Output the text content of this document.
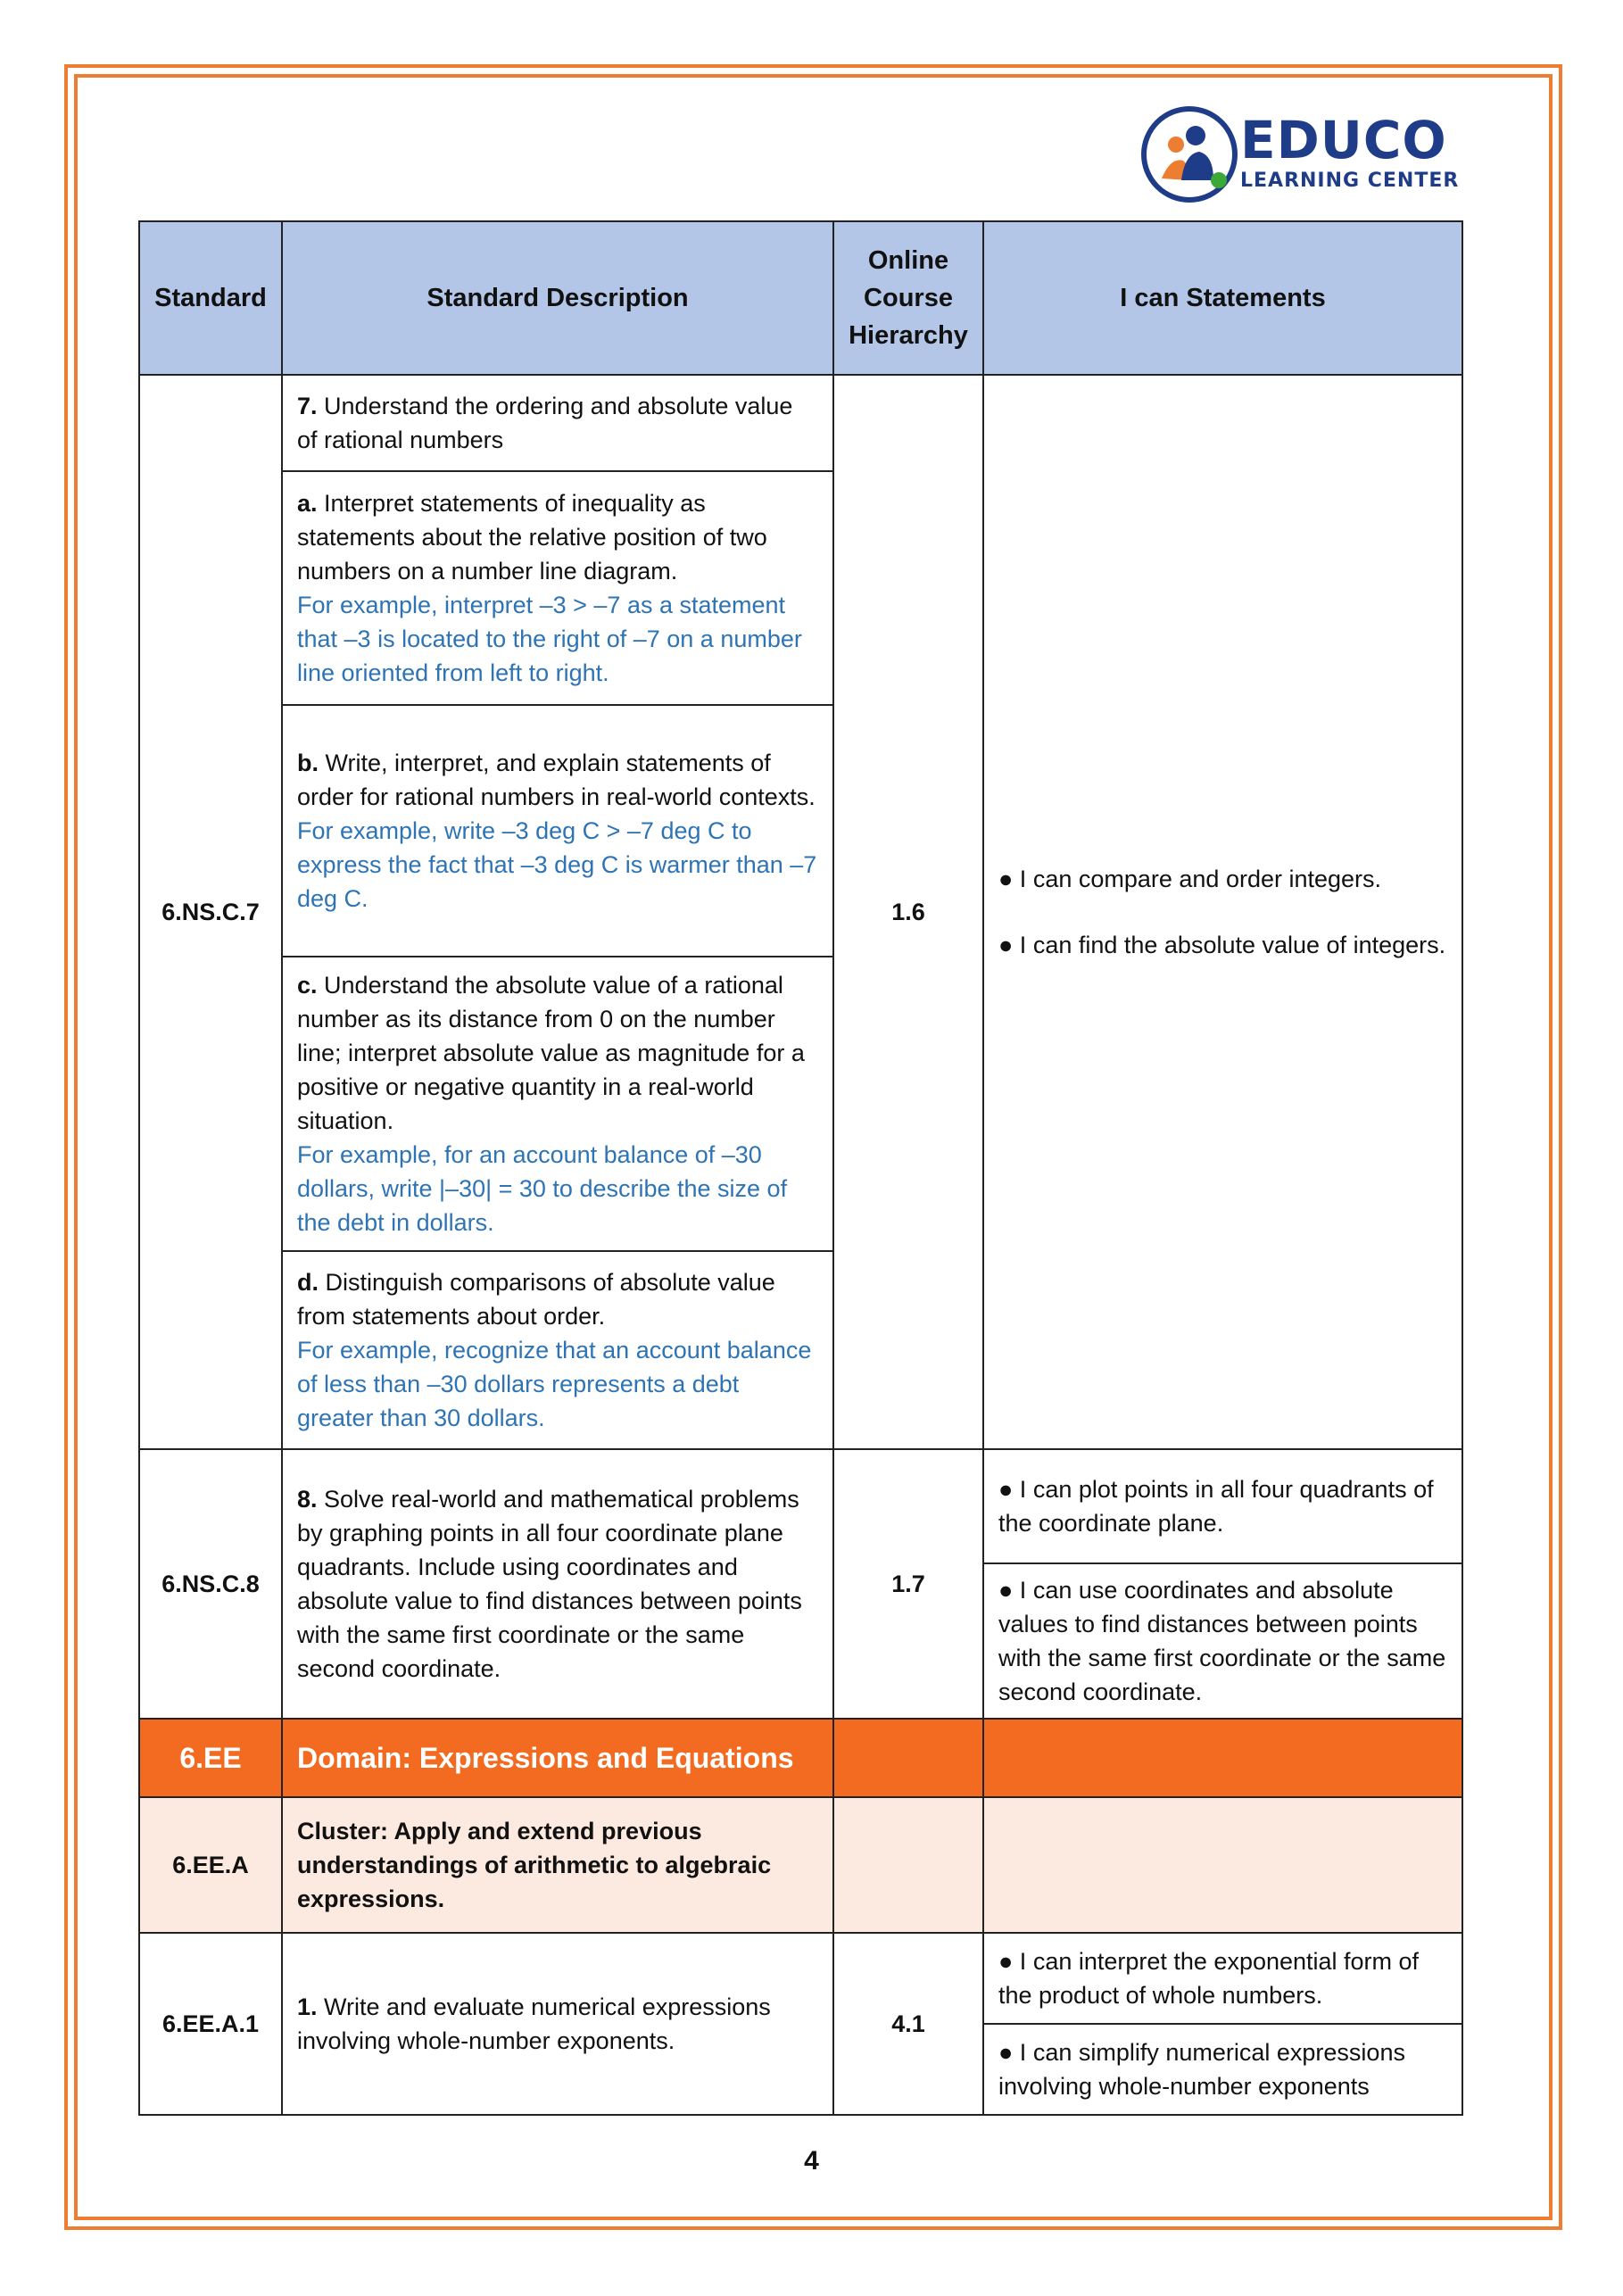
EDUCO
LEARNING CENTER
Standard	Standard Description	Online Course Hierarchy	I can Statements
6.NS.C.7	7. Understand the ordering and absolute value of rational numbers	1.6	● I can compare and order integers.
● I can find the absolute value of integers.

	a. Interpret statements of inequality as statements about the relative position of two numbers on a number line diagram.
For example, interpret –3 > –7 as a statement that –3 is located to the right of –7 on a number line oriented from left to right.		

	b. Write, interpret, and explain statements of order for rational numbers in real-world contexts.
For example, write –3 deg C > –7 deg C to express the fact that –3 deg C is warmer than –7 deg C.		

	c. Understand the absolute value of a rational number as its distance from 0 on the number line; interpret absolute value as magnitude for a positive or negative quantity in a real-world situation.
For example, for an account balance of –30 dollars, write |–30| = 30 to describe the size of the debt in dollars.		

	d. Distinguish comparisons of absolute value from statements about order.
For example, recognize that an account balance of less than –30 dollars represents a debt greater than 30 dollars.		

6.NS.C.8	8. Solve real-world and mathematical problems by graphing points in all four coordinate plane quadrants. Include using coordinates and absolute value to find distances between points with the same first coordinate or the same second coordinate.	1.7	● I can plot points in all four quadrants of the coordinate plane.
			● I can use coordinates and absolute values to find distances between points with the same first coordinate or the same second coordinate.
6.EE	Domain: Expressions and Equations		
6.EE.A	Cluster: Apply and extend previous understandings of arithmetic to algebraic expressions.		
6.EE.A.1	1. Write and evaluate numerical expressions involving whole-number exponents.	4.1	● I can interpret the exponential form of the product of whole numbers.
			● I can simplify numerical expressions involving whole-number exponents
4
